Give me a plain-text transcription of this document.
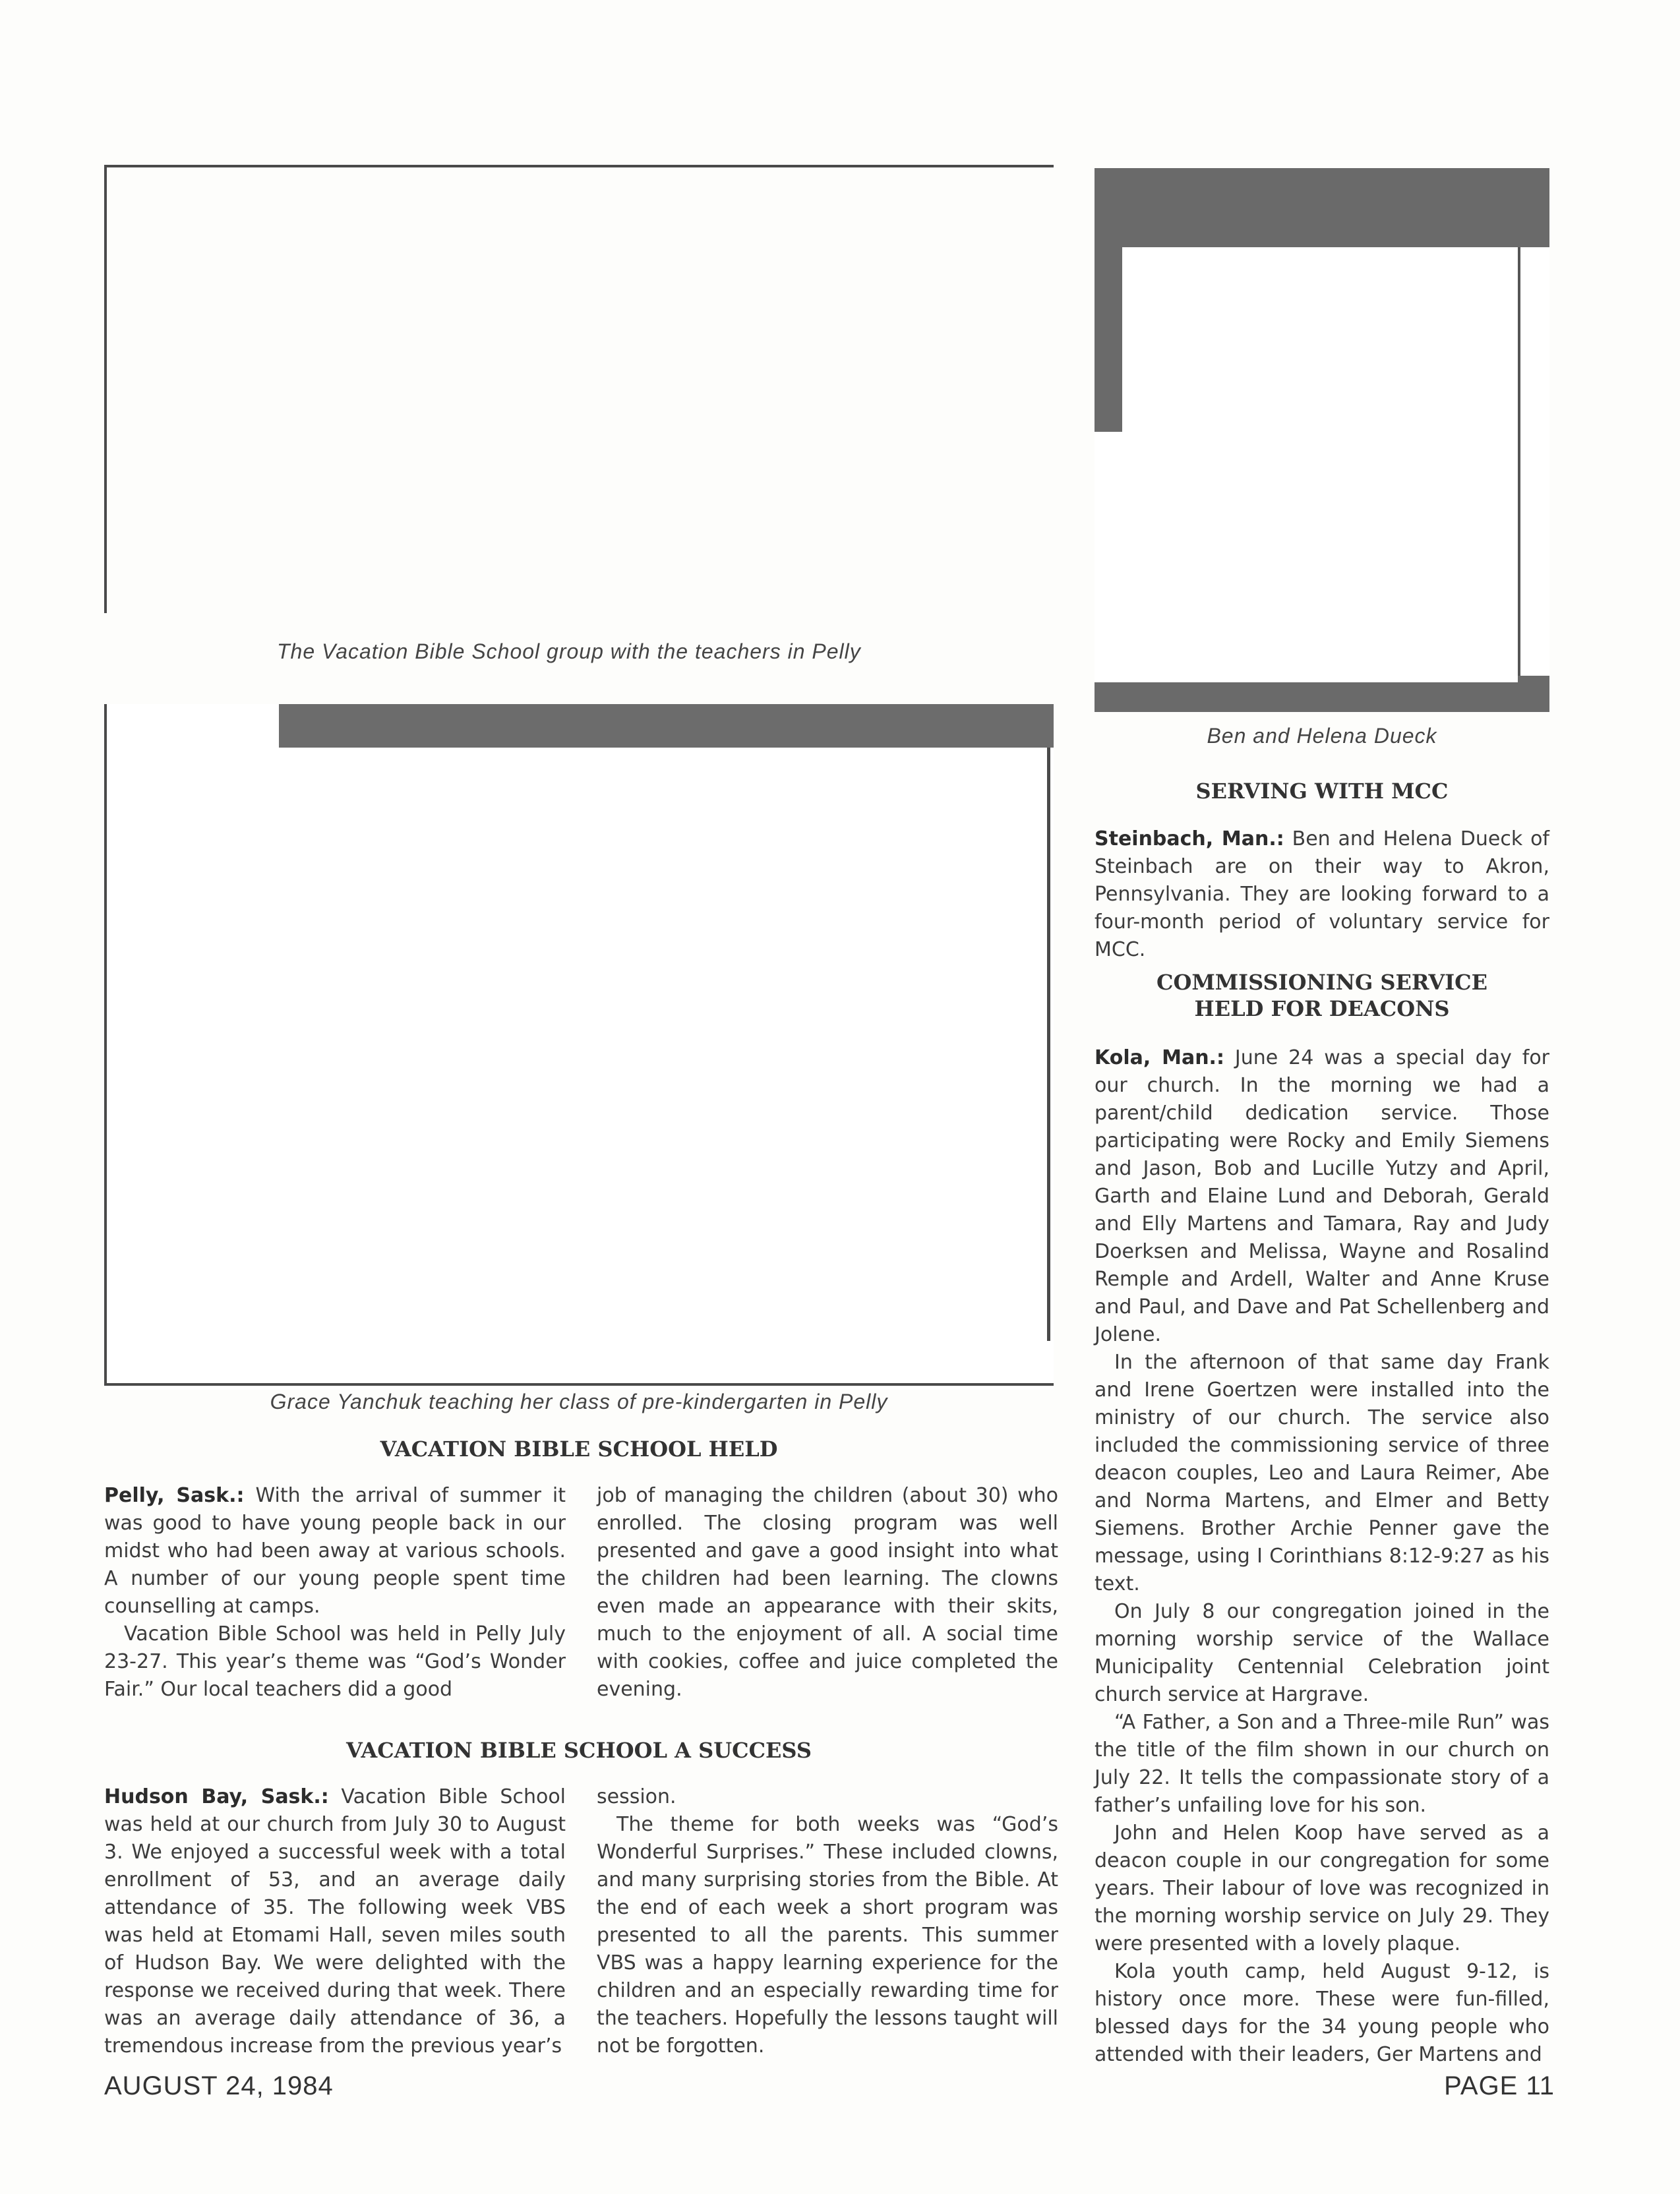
The Vacation Bible School group with the teachers in Pelly
Ben and Helena Dueck
Grace Yanchuk teaching her class of pre-kindergarten in Pelly
SERVING WITH MCC

Steinbach, Man.: Ben and Helena Dueck of Steinbach are on their way to Akron, Pennsylvania. They are looking forward to a four-month period of voluntary service for MCC.

COMMISSIONING SERVICE
HELD FOR DEACONS

Kola, Man.: June 24 was a special day for our church. In the morning we had a parent/child dedication service. Those participating were Rocky and Emily Siemens and Jason, Bob and Lucille Yutzy and April, Garth and Elaine Lund and Deborah, Gerald and Elly Martens and Tamara, Ray and Judy Doerksen and Melissa, Wayne and Rosalind Remple and Ardell, Walter and Anne Kruse and Paul, and Dave and Pat Schellenberg and Jolene.

In the afternoon of that same day Frank and Irene Goertzen were installed into the ministry of our church. The service also included the commissioning service of three deacon couples, Leo and Laura Reimer, Abe and Norma Martens, and Elmer and Betty Siemens. Brother Archie Penner gave the message, using I Corinthians 8:12-9:27 as his text.

On July 8 our congregation joined in the morning worship service of the Wallace Municipality Centennial Celebration joint church service at Hargrave.

“A Father, a Son and a Three-mile Run” was the title of the film shown in our church on July 22. It tells the compassionate story of a father’s unfailing love for his son.

John and Helen Koop have served as a deacon couple in our congregation for some years. Their labour of love was recognized in the morning worship service on July 29. They were presented with a lovely plaque.

Kola youth camp, held August 9-12, is history once more. These were fun-filled, blessed days for the 34 young people who attended with their leaders, Ger Martens and

VACATION BIBLE SCHOOL HELD

Pelly, Sask.: With the arrival of summer it was good to have young people back in our midst who had been away at various schools. A number of our young people spent time counselling at camps.

Vacation Bible School was held in Pelly July 23-27. This year’s theme was “God’s Wonder Fair.” Our local teachers did a good

job of managing the children (about 30) who enrolled. The closing program was well presented and gave a good insight into what the children had been learning. The clowns even made an appearance with their skits, much to the enjoyment of all. A social time with cookies, coffee and juice completed the evening.

VACATION BIBLE SCHOOL A SUCCESS

Hudson Bay, Sask.: Vacation Bible School was held at our church from July 30 to August 3. We enjoyed a successful week with a total enrollment of 53, and an average daily attendance of 35. The following week VBS was held at Etomami Hall, seven miles south of Hudson Bay. We were delighted with the response we received during that week. There was an average daily attendance of 36, a tremendous increase from the previous year’s

session.

The theme for both weeks was “God’s Wonderful Surprises.” These included clowns, and many surprising stories from the Bible. At the end of each week a short program was presented to all the parents. This summer VBS was a happy learning experience for the children and an especially rewarding time for the teachers. Hopefully the lessons taught will not be forgotten.

AUGUST 24, 1984	PAGE 11
